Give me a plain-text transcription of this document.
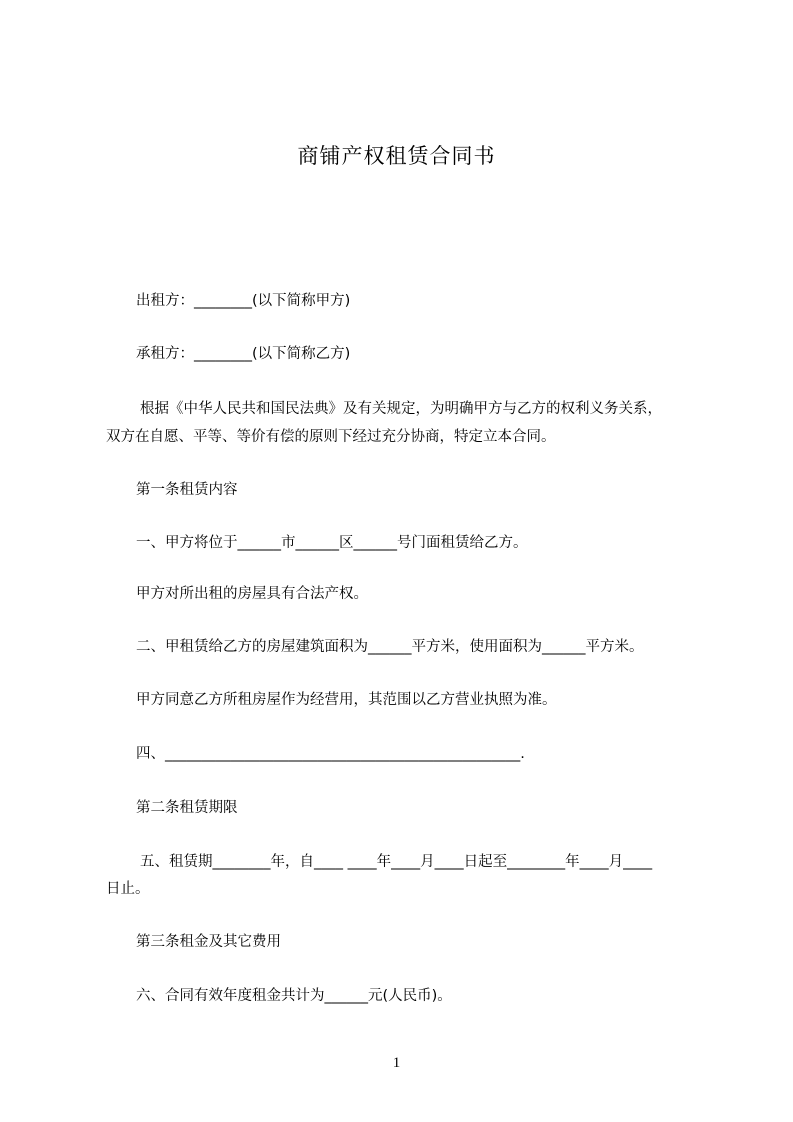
商铺产权租赁合同书
出租方：________(以下简称甲方)
承租方：________(以下简称乙方)
根据《中华人民共和国民法典》及有关规定，为明确甲方与乙方的权利义务关系，
双方在自愿、平等、等价有偿的原则下经过充分协商，特定立本合同。
第一条租赁内容
一、甲方将位于______市______区______号门面租赁给乙方。
甲方对所出租的房屋具有合法产权。
二、甲租赁给乙方的房屋建筑面积为______平方米，使用面积为______平方米。
甲方同意乙方所租房屋作为经营用，其范围以乙方营业执照为准。
四、_________________________________________________.
第二条租赁期限
五、租赁期________年，自____ ____年____月____日起至________年____月____
日止。
第三条租金及其它费用
六、合同有效年度租金共计为______元(人民币)。
1
